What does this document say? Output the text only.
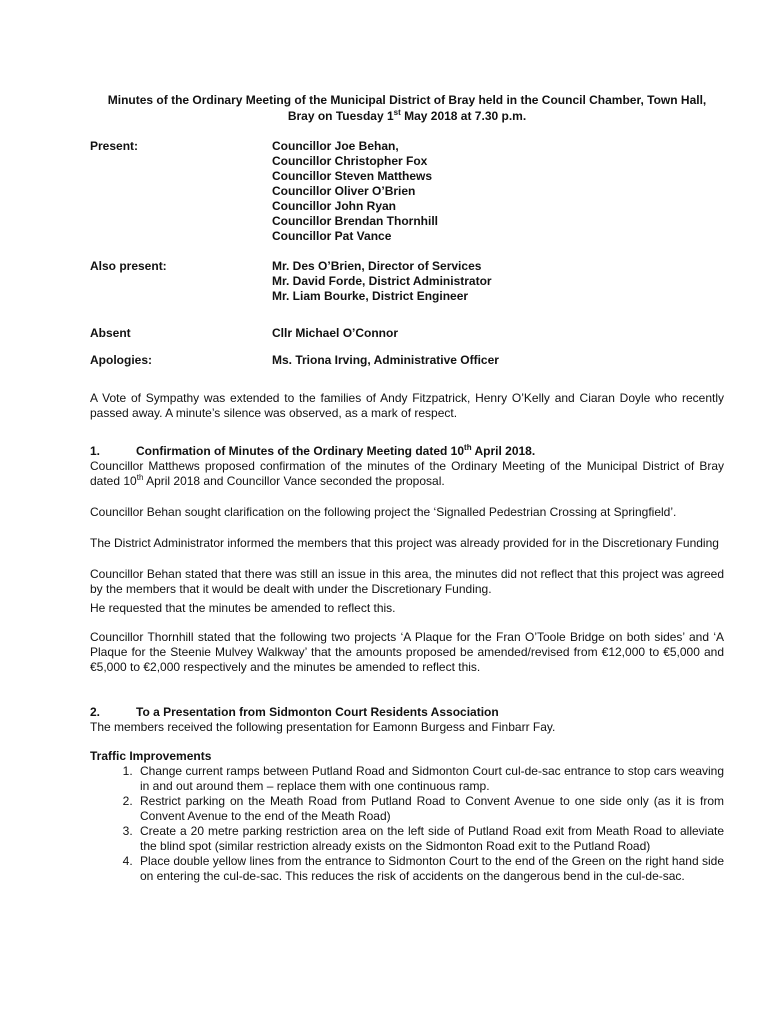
Minutes of the Ordinary Meeting of the Municipal District of Bray held in the Council Chamber, Town Hall,
Bray on Tuesday 1st May 2018 at 7.30 p.m.
Present:	Councillor Joe Behan,
Councillor Christopher Fox
Councillor Steven Matthews
Councillor Oliver O’Brien
Councillor John Ryan
Councillor Brendan Thornhill
Councillor Pat Vance
Also present:	Mr. Des O’Brien, Director of Services
Mr. David Forde, District Administrator
Mr. Liam Bourke, District Engineer
Absent	Cllr Michael O’Connor
Apologies:	Ms. Triona Irving, Administrative Officer

A Vote of Sympathy was extended to the families of Andy Fitzpatrick, Henry O’Kelly and Ciaran Doyle who recently passed away. A minute’s silence was observed, as a mark of respect.

1.	Confirmation of Minutes of the Ordinary Meeting dated 10th April 2018.

Councillor Matthews proposed confirmation of the minutes of the Ordinary Meeting of the Municipal District of Bray dated 10th April 2018 and Councillor Vance seconded the proposal.

Councillor Behan sought clarification on the following project the ‘Signalled Pedestrian Crossing at Springfield’.

The District Administrator informed the members that this project was already provided for in the Discretionary Funding

Councillor Behan stated that there was still an issue in this area, the minutes did not reflect that this project was agreed by the members that it would be dealt with under the Discretionary Funding.

He requested that the minutes be amended to reflect this.

Councillor Thornhill stated that the following two projects ‘A Plaque for the Fran O’Toole Bridge on both sides’ and ‘A Plaque for the Steenie Mulvey Walkway’ that the amounts proposed be amended/revised from €12,000 to €5,000 and €5,000 to €2,000 respectively and the minutes be amended to reflect this.

2.	To a Presentation from Sidmonton Court Residents Association

The members received the following presentation for Eamonn Burgess and Finbarr Fay.

Traffic Improvements

1. Change current ramps between Putland Road and Sidmonton Court cul-de-sac entrance to stop cars weaving in and out around them – replace them with one continuous ramp.
2. Restrict parking on the Meath Road from Putland Road to Convent Avenue to one side only (as it is from Convent Avenue to the end of the Meath Road)
3. Create a 20 metre parking restriction area on the left side of Putland Road exit from Meath Road to alleviate the blind spot (similar restriction already exists on the Sidmonton Road exit to the Putland Road)
4. Place double yellow lines from the entrance to Sidmonton Court to the end of the Green on the right hand side on entering the cul-de-sac. This reduces the risk of accidents on the dangerous bend in the cul-de-sac.
